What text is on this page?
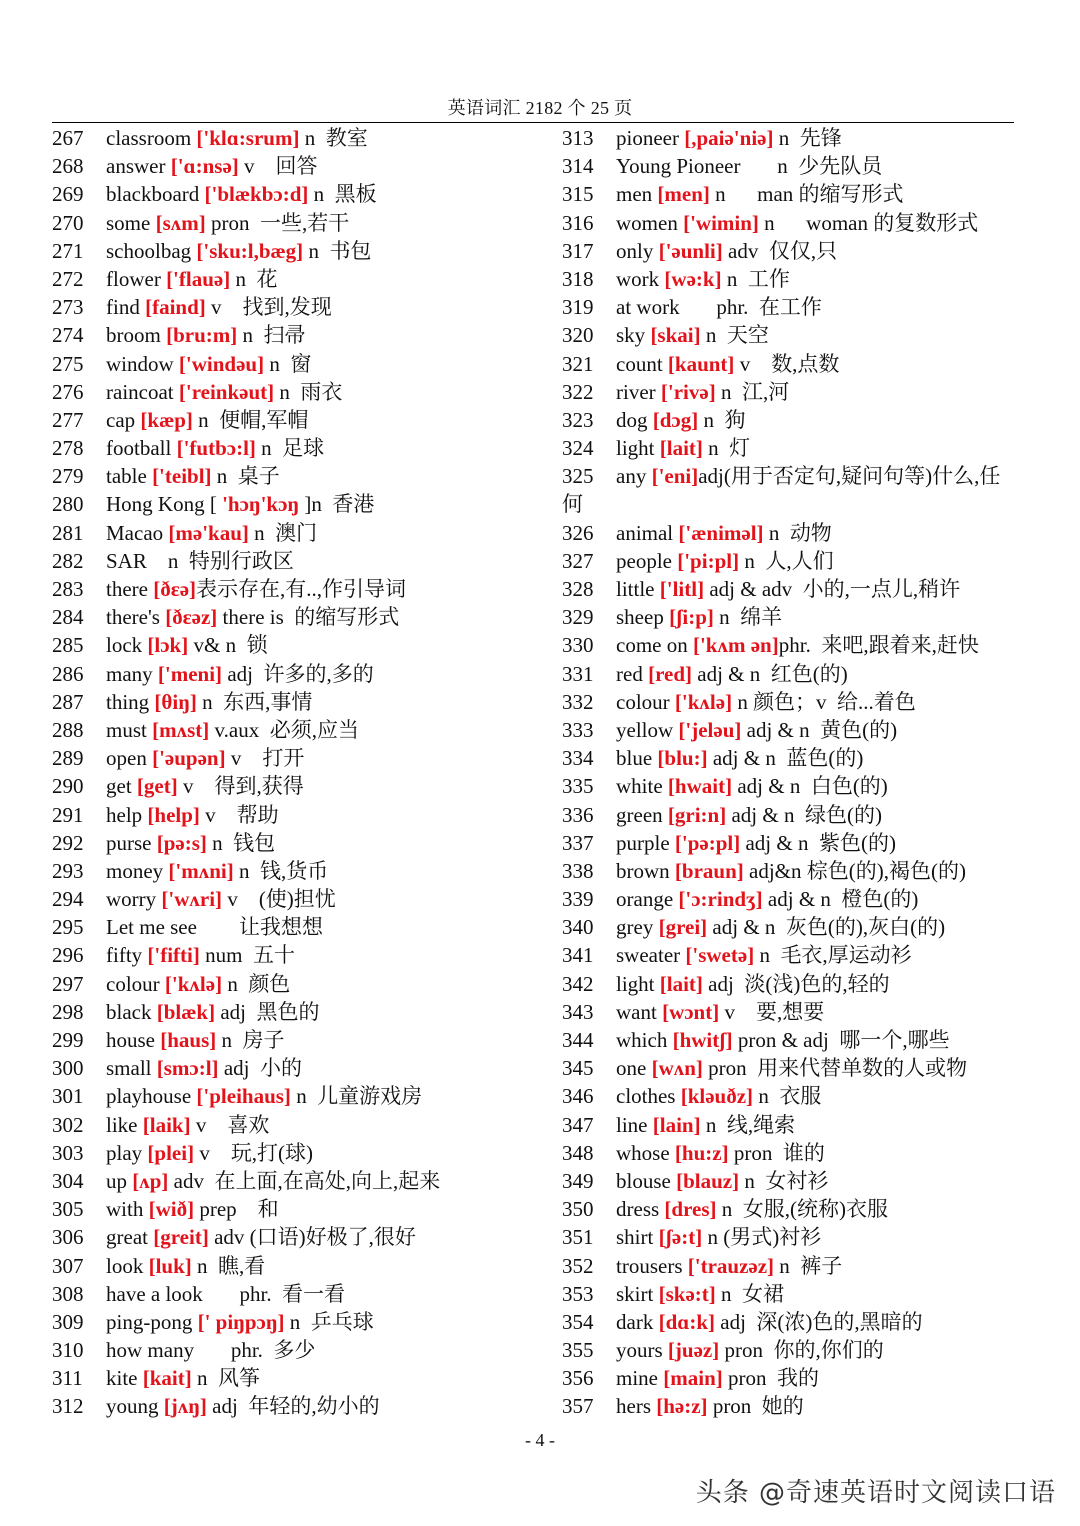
英语词汇 2182 个 25 页
267 classroom ['klɑ:srum] n  教室
268 answer ['ɑ:nsə] v    回答
269 blackboard ['blækbɔ:d] n  黑板
270 some [sʌm] pron  一些,若干
271 schoolbag ['sku:l,bæg] n  书包
272 flower ['flauə] n  花
273 find [faind] v    找到,发现
274 broom [bru:m] n  扫帚
275 window ['windəu] n  窗
276 raincoat ['reinkəut] n  雨衣
277 cap [kæp] n  便帽,军帽
278 football ['futbɔ:l] n  足球
279 table ['teibl] n  桌子
280 Hong Kong [ 'hɔŋ'kɔŋ ]n  香港
281 Macao [mə'kau] n  澳门
282 SAR    n  特别行政区
283 there [ðɛə]表示存在,有..,作引导词
284 there's [ðɛəz] there is  的缩写形式
285 lock [lɔk] v& n  锁
286 many ['meni] adj  许多的,多的
287 thing [θiŋ] n  东西,事情
288 must [mʌst] v.aux  必须,应当
289 open ['əupən] v    打开
290 get [get] v    得到,获得
291 help [help] v    帮助
292 purse [pə:s] n  钱包
293 money ['mʌni] n  钱,货币
294 worry ['wʌri] v    (使)担忧
295 Let me see        让我想想
296 fifty ['fifti] num  五十
297 colour ['kʌlə] n  颜色
298 black [blæk] adj  黑色的
299 house [haus] n  房子
300 small [smɔ:l] adj  小的
301 playhouse ['pleihaus] n  儿童游戏房
302 like [laik] v    喜欢
303 play [plei] v    玩,打(球)
304 up [ʌp] adv  在上面,在高处,向上,起来
305 with [wið] prep    和
306 great [greit] adv (口语)好极了,很好
307 look [luk] n  瞧,看
308 have a look       phr.  看一看
309 ping-pong [' piŋpɔŋ] n  乒乓球
310 how many       phr.  多少
311 kite [kait] n  风筝
312 young [jʌŋ] adj  年轻的,幼小的
313 pioneer [,paiə'niə] n  先锋
314 Young Pioneer       n  少先队员
315 men [men] n      man 的缩写形式
316 women ['wimin] n      woman 的复数形式
317 only ['əunli] adv  仅仅,只
318 work [wə:k] n  工作
319 at work       phr.  在工作
320 sky [skai] n  天空
321 count [kaunt] v    数,点数
322 river ['rivə] n  江,河
323 dog [dɔg] n  狗
324 light [lait] n  灯
325 any ['eni]adj(用于否定句,疑问句等)什么,任何
326 animal ['æniməl] n  动物
327 people ['pi:pl] n  人,人们
328 little ['litl] adj & adv  小的,一点儿,稍许
329 sheep [ʃi:p] n  绵羊
330 come on ['kʌm ən]phr.  来吧,跟着来,赶快
331 red [red] adj & n  红色(的)
332 colour ['kʌlə] n 颜色；v  给...着色
333 yellow ['jeləu] adj & n  黄色(的)
334 blue [blu:] adj & n  蓝色(的)
335 white [hwait] adj & n  白色(的)
336 green [gri:n] adj & n  绿色(的)
337 purple ['pə:pl] adj & n  紫色(的)
338 brown [braun] adj&n 棕色(的),褐色(的)
339 orange ['ɔ:rindʒ] adj & n  橙色(的)
340 grey [grei] adj & n  灰色(的),灰白(的)
341 sweater ['swetə] n  毛衣,厚运动衫
342 light [lait] adj  淡(浅)色的,轻的
343 want [wɔnt] v    要,想要
344 which [hwitʃ] pron & adj  哪一个,哪些
345 one [wʌn] pron  用来代替单数的人或物
346 clothes [kləuðz] n  衣服
347 line [lain] n  线,绳索
348 whose [hu:z] pron  谁的
349 blouse [blauz] n  女衬衫
350 dress [dres] n  女服,(统称)衣服
351 shirt [ʃə:t] n (男式)衬衫
352 trousers ['trauzəz] n  裤子
353 skirt [skə:t] n  女裙
354 dark [dɑ:k] adj  深(浓)色的,黑暗的
355 yours [juəz] pron  你的,你们的
356 mine [main] pron  我的
357 hers [hə:z] pron  她的
- 4 -
头条 @奇速英语时文阅读口语
